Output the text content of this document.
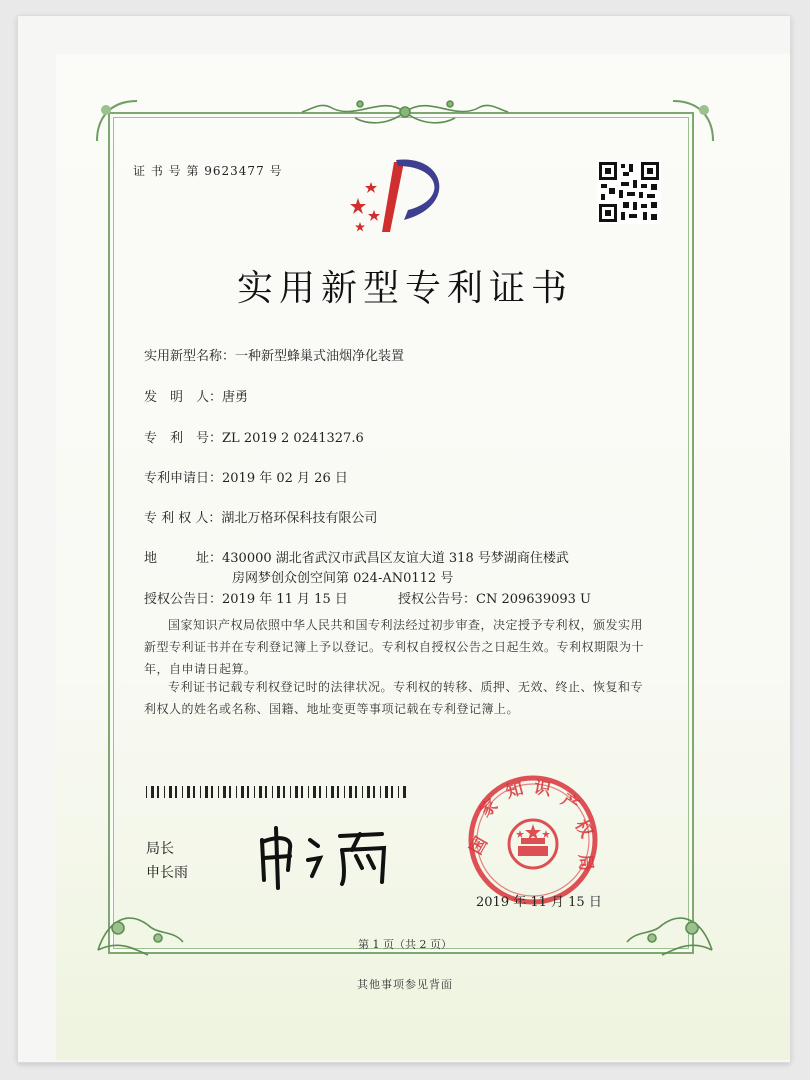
证 书 号 第 9623477 号
实用新型专利证书
实用新型名称：一种新型蜂巢式油烟净化装置
发　明　人：唐勇
专　利　号：ZL 2019 2 0241327.6
专利申请日：2019 年 02 月 26 日
专 利 权 人：湖北万格环保科技有限公司
地　　　址：430000 湖北省武汉市武昌区友谊大道 318 号梦湖商住楼武
房网梦创众创空间第 024-AN0112 号
授权公告日：2019 年 11 月 15 日	授权公告号：CN 209639093 U
国家知识产权局依照中华人民共和国专利法经过初步审查，决定授予专利权，颁发实用新型专利证书并在专利登记簿上予以登记。专利权自授权公告之日起生效。专利权期限为十年，自申请日起算。
专利证书记载专利权登记时的法律状况。专利权的转移、质押、无效、终止、恢复和专利权人的姓名或名称、国籍、地址变更等事项记载在专利登记簿上。
局长
申长雨
国
家
知 识
产
权
局
2019 年 11 月 15 日
第 1 页（共 2 页）
其他事项参见背面
